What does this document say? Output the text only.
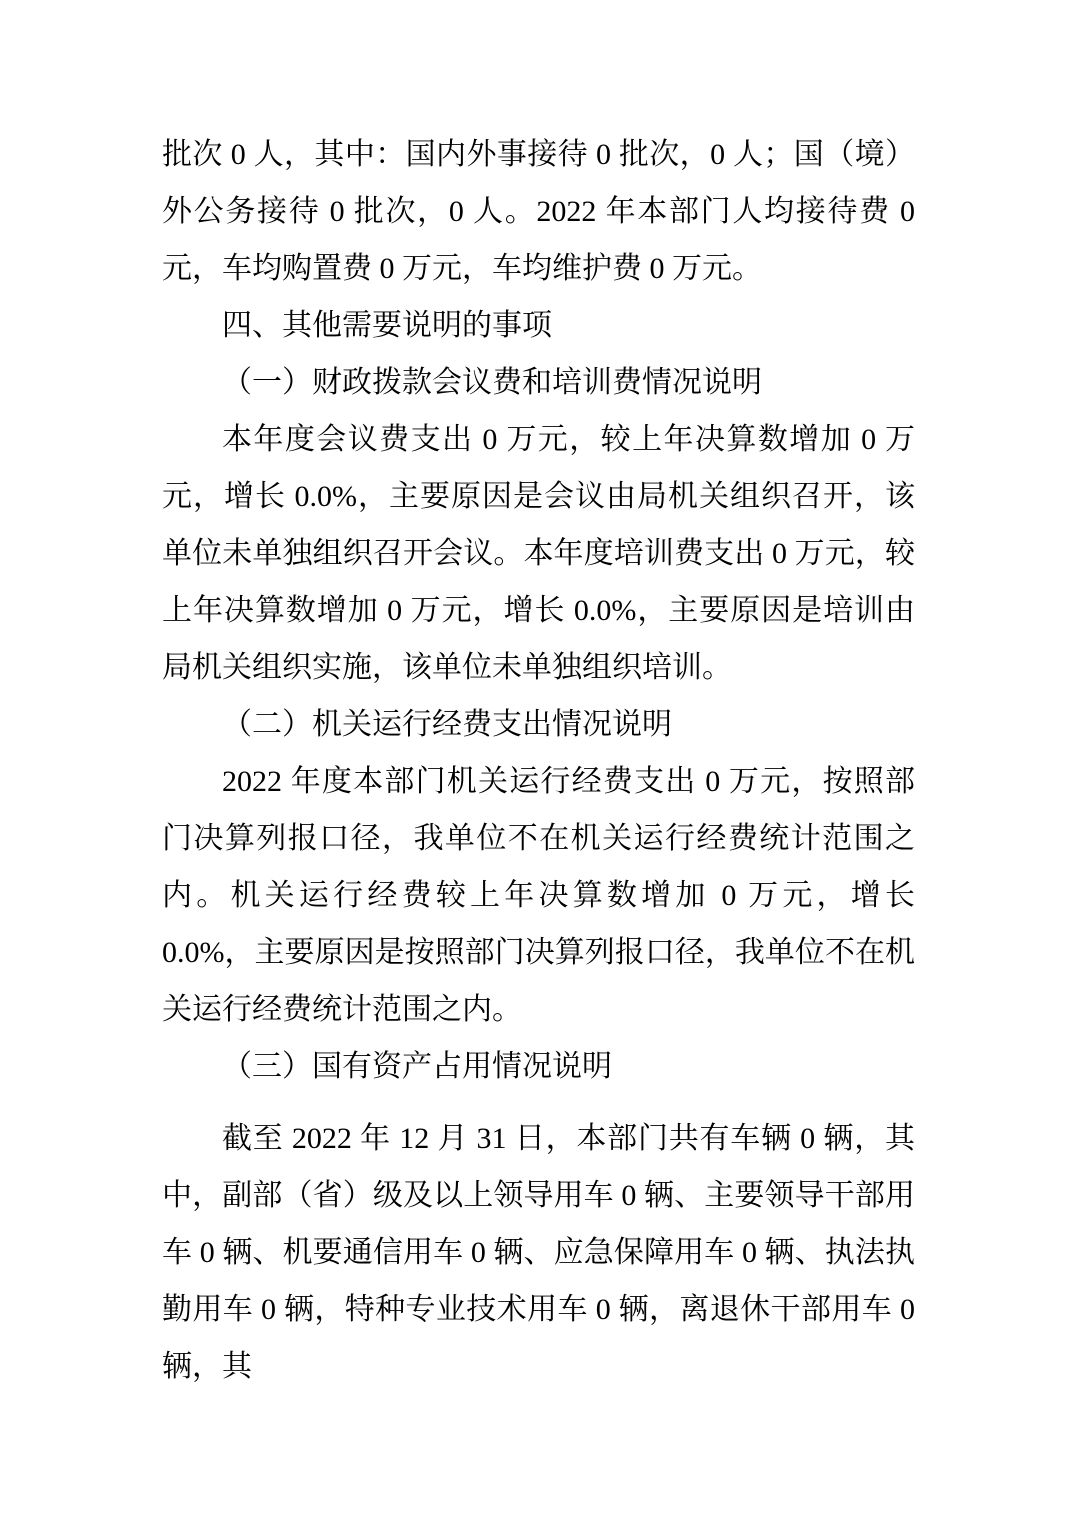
批次 0 人，其中：国内外事接待 0 批次，0 人；国（境）外公务接待 0 批次，0 人。2022 年本部门人均接待费 0 元，车均购置费 0 万元，车均维护费 0 万元。

四、其他需要说明的事项
（一）财政拨款会议费和培训费情况说明

本年度会议费支出 0 万元，较上年决算数增加 0 万元，增长 0.0%，主要原因是会议由局机关组织召开，该单位未单独组织召开会议。本年度培训费支出 0 万元，较上年决算数增加 0 万元，增长 0.0%，主要原因是培训由局机关组织实施，该单位未单独组织培训。

（二）机关运行经费支出情况说明

2022 年度本部门机关运行经费支出 0 万元，按照部门决算列报口径，我单位不在机关运行经费统计范围之内。机关运行经费较上年决算数增加 0 万元，增长 0.0%，主要原因是按照部门决算列报口径，我单位不在机关运行经费统计范围之内。

（三）国有资产占用情况说明

截至 2022 年 12 月 31 日，本部门共有车辆 0 辆，其中，副部（省）级及以上领导用车 0 辆、主要领导干部用车 0 辆、机要通信用车 0 辆、应急保障用车 0 辆、执法执勤用车 0 辆，特种专业技术用车 0 辆，离退休干部用车 0 辆，其
